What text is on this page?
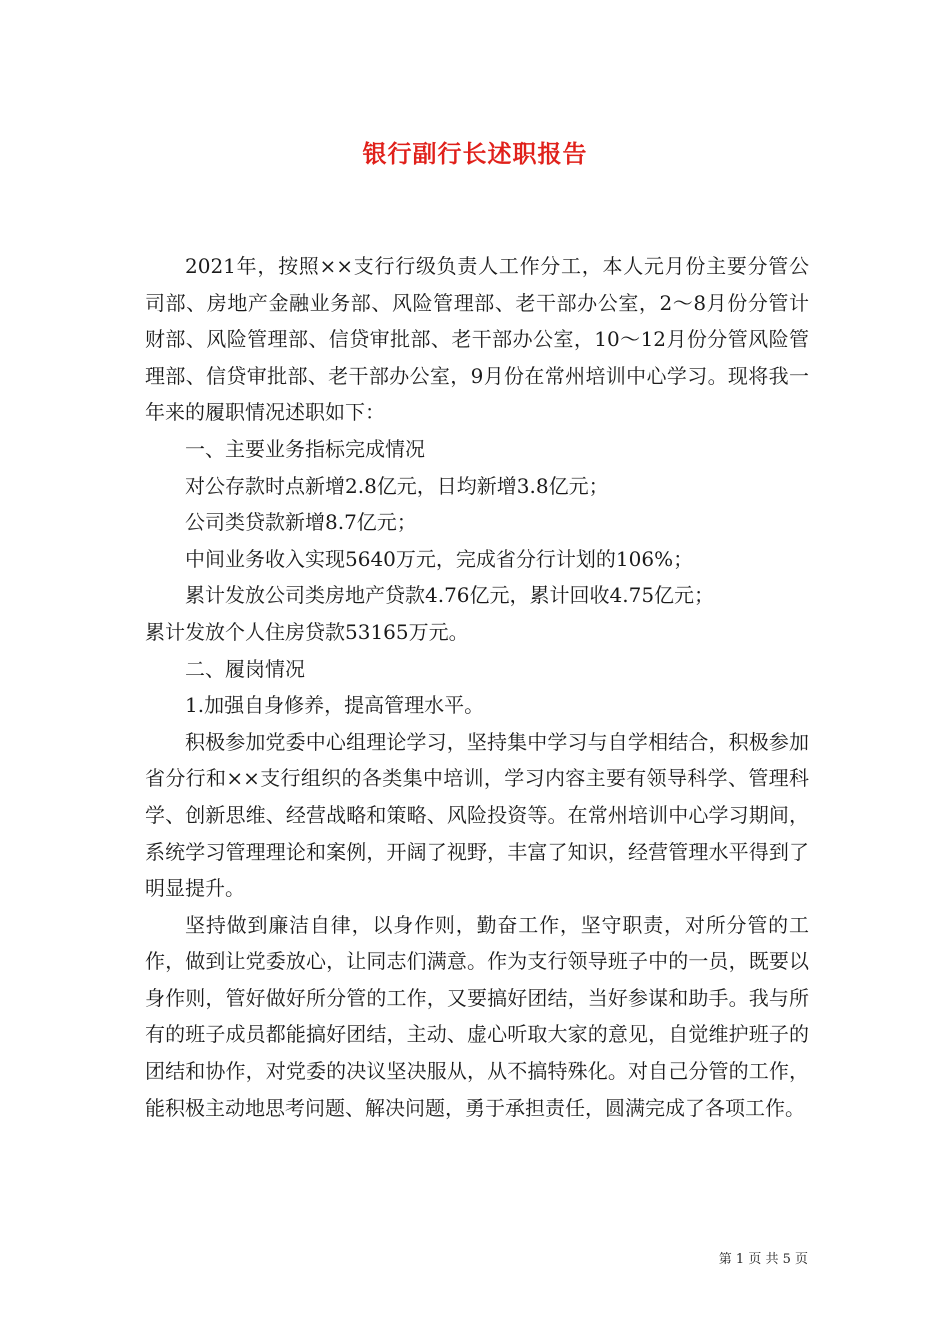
银行副行长述职报告

2021年，按照××支行行级负责人工作分工，本人元月份主要分管公司部、房地产金融业务部、风险管理部、老干部办公室，2～8月份分管计财部、风险管理部、信贷审批部、老干部办公室，10～12月份分管风险管理部、信贷审批部、老干部办公室，9月份在常州培训中心学习。现将我一年来的履职情况述职如下：

一、主要业务指标完成情况

对公存款时点新增2.8亿元，日均新增3.8亿元；

公司类贷款新增8.7亿元；

中间业务收入实现5640万元，完成省分行计划的106%；

累计发放公司类房地产贷款4.76亿元，累计回收4.75亿元；

累计发放个人住房贷款53165万元。

二、履岗情况

1.加强自身修养，提高管理水平。

积极参加党委中心组理论学习，坚持集中学习与自学相结合，积极参加省分行和××支行组织的各类集中培训，学习内容主要有领导科学、管理科学、创新思维、经营战略和策略、风险投资等。在常州培训中心学习期间，系统学习管理理论和案例，开阔了视野，丰富了知识，经营管理水平得到了明显提升。

坚持做到廉洁自律，以身作则，勤奋工作，坚守职责，对所分管的工作，做到让党委放心，让同志们满意。作为支行领导班子中的一员，既要以身作则，管好做好所分管的工作，又要搞好团结，当好参谋和助手。我与所有的班子成员都能搞好团结，主动、虚心听取大家的意见，自觉维护班子的团结和协作，对党委的决议坚决服从，从不搞特殊化。对自己分管的工作，能积极主动地思考问题、解决问题，勇于承担责任，圆满完成了各项工作。

第 1 页 共 5 页
